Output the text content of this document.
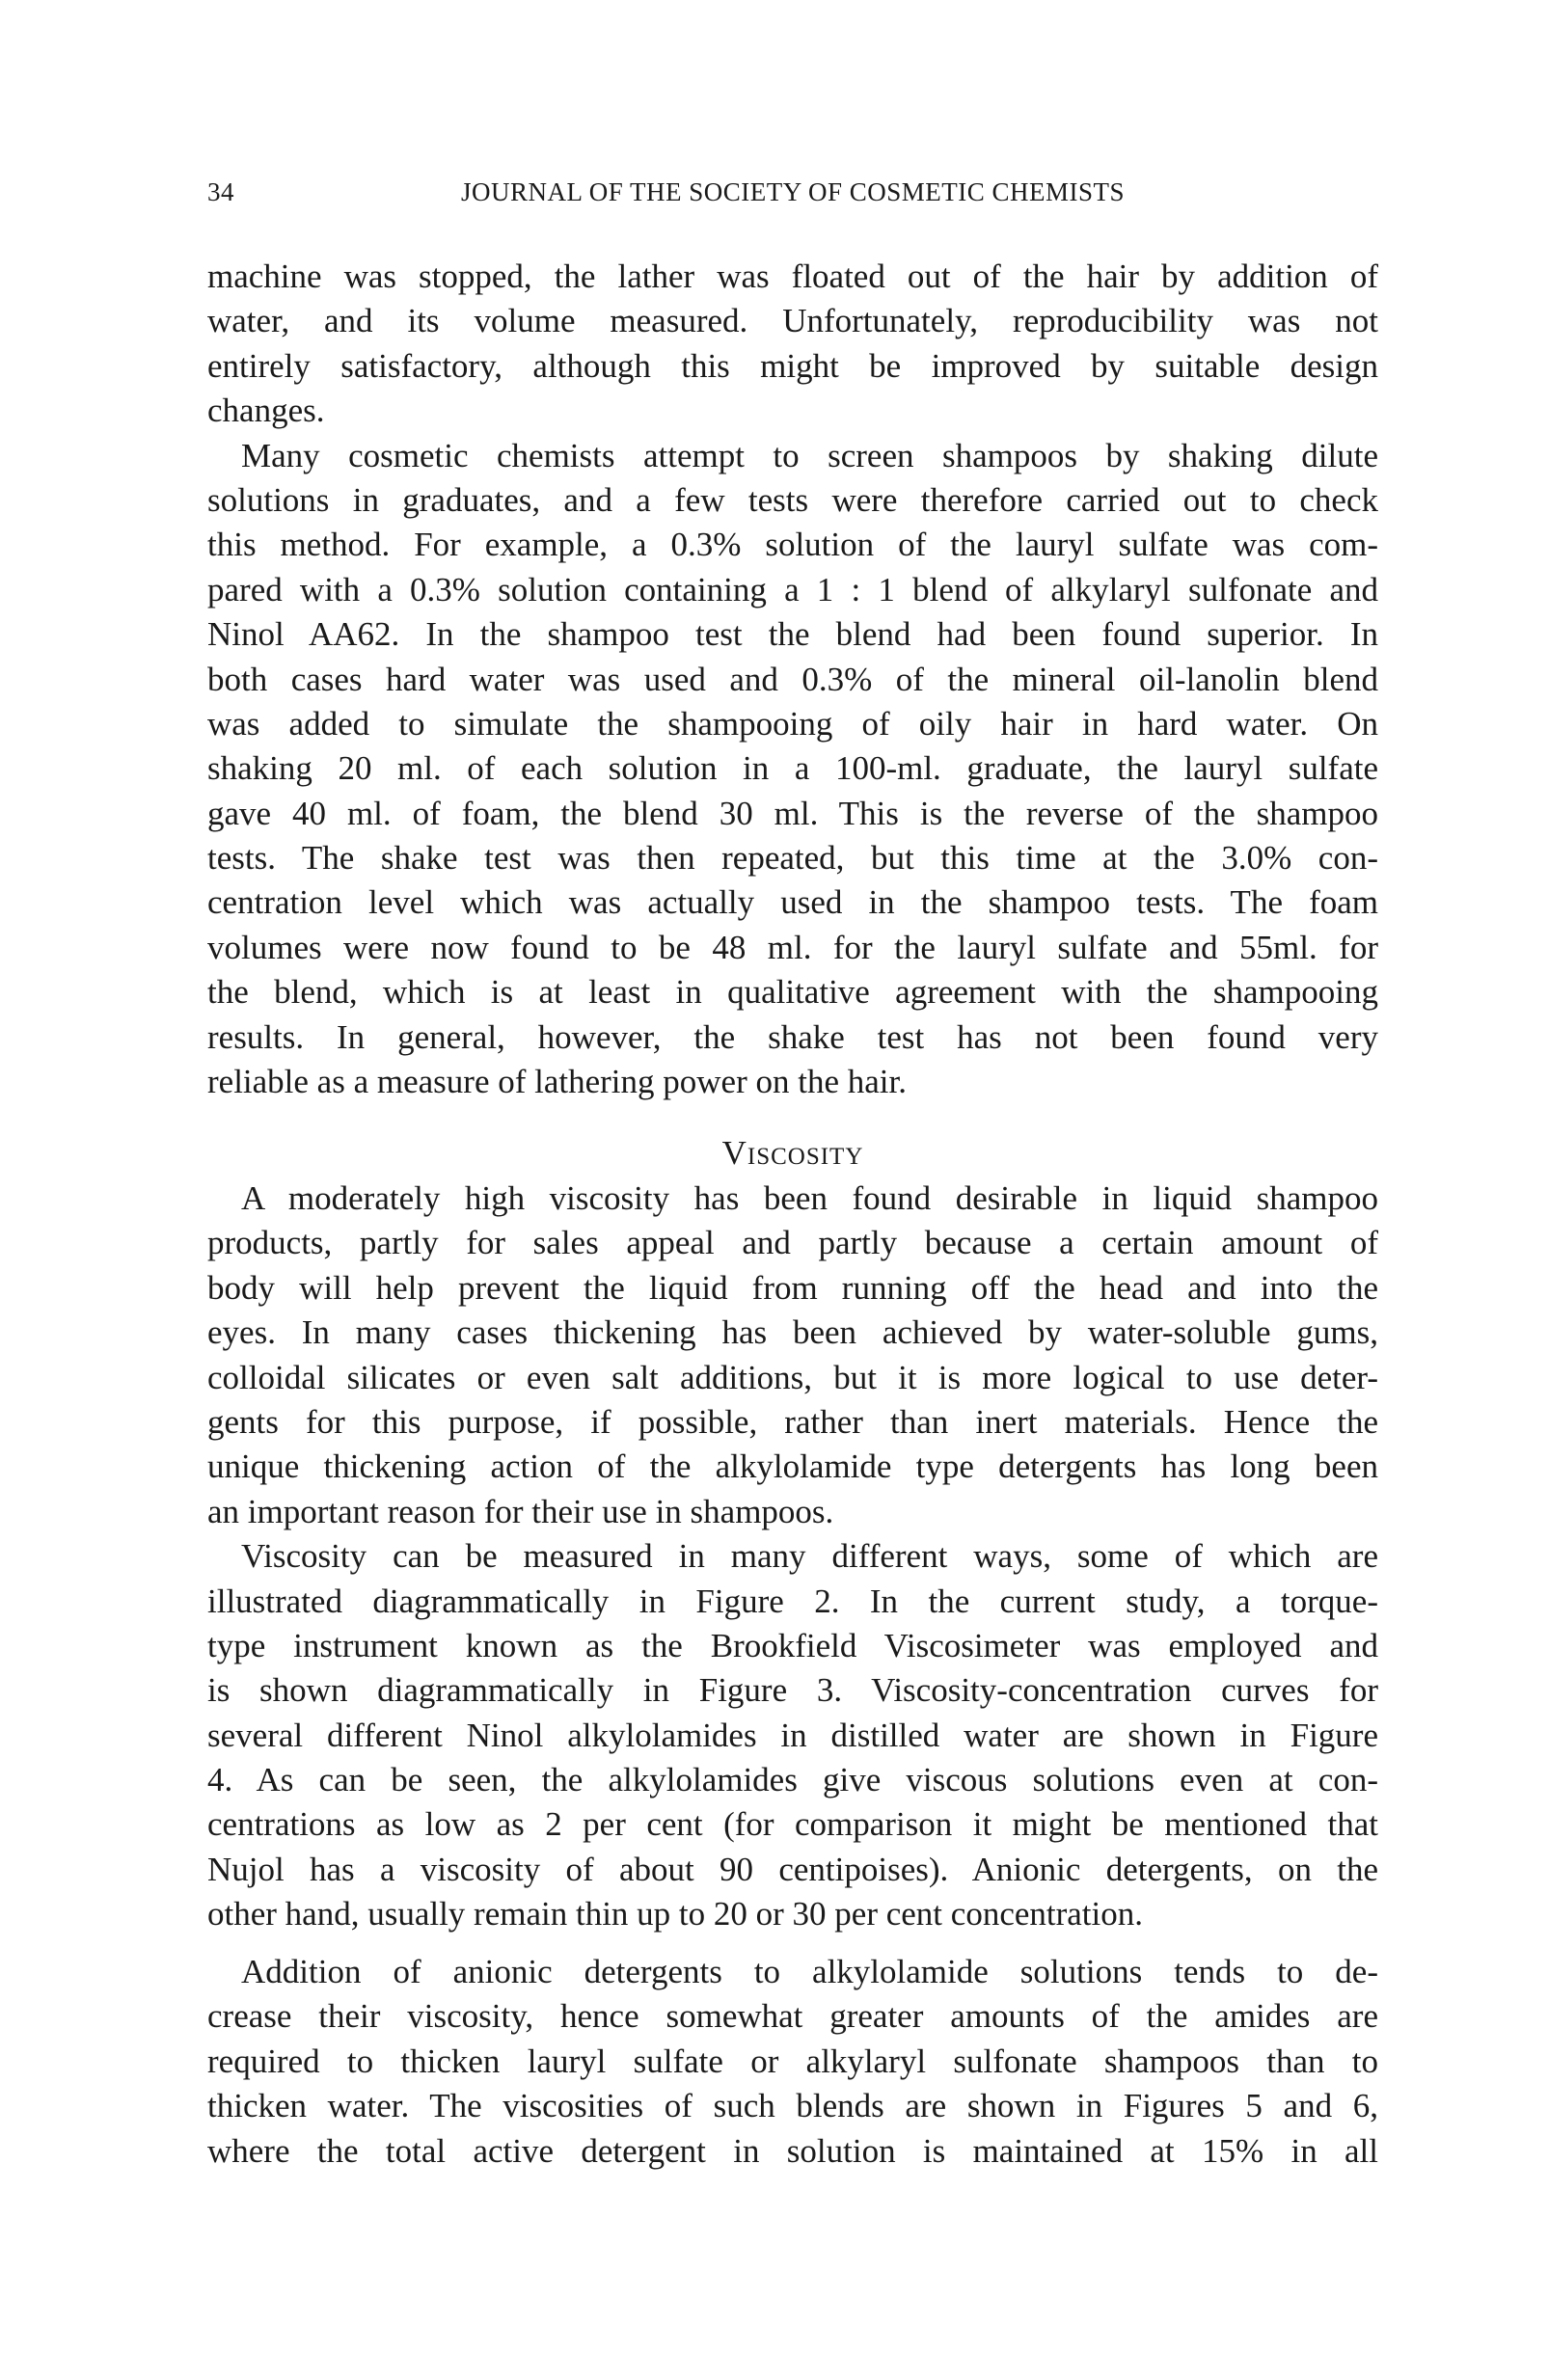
34	JOURNAL OF THE SOCIETY OF COSMETIC CHEMISTS
machine was stopped, the lather was floated out of the hair by addition of
water, and its volume measured. Unfortunately, reproducibility was not
entirely satisfactory, although this might be improved by suitable design
changes.
Many cosmetic chemists attempt to screen shampoos by shaking dilute
solutions in graduates, and a few tests were therefore carried out to check
this method. For example, a 0.3% solution of the lauryl sulfate was com-
pared with a 0.3% solution containing a 1 : 1 blend of alkylaryl sulfonate and
Ninol AA62. In the shampoo test the blend had been found superior. In
both cases hard water was used and 0.3% of the mineral oil-lanolin blend
was added to simulate the shampooing of oily hair in hard water. On
shaking 20 ml. of each solution in a 100-ml. graduate, the lauryl sulfate
gave 40 ml. of foam, the blend 30 ml. This is the reverse of the shampoo
tests. The shake test was then repeated, but this time at the 3.0% con-
centration level which was actually used in the shampoo tests. The foam
volumes were now found to be 48 ml. for the lauryl sulfate and 55ml. for
the blend, which is at least in qualitative agreement with the shampooing
results. In general, however, the shake test has not been found very
reliable as a measure of lathering power on the hair.
Viscosity
A moderately high viscosity has been found desirable in liquid shampoo
products, partly for sales appeal and partly because a certain amount of
body will help prevent the liquid from running off the head and into the
eyes. In many cases thickening has been achieved by water-soluble gums,
colloidal silicates or even salt additions, but it is more logical to use deter-
gents for this purpose, if possible, rather than inert materials. Hence the
unique thickening action of the alkylolamide type detergents has long been
an important reason for their use in shampoos.
Viscosity can be measured in many different ways, some of which are
illustrated diagrammatically in Figure 2. In the current study, a torque-
type instrument known as the Brookfield Viscosimeter was employed and
is shown diagrammatically in Figure 3. Viscosity-concentration curves for
several different Ninol alkylolamides in distilled water are shown in Figure
4. As can be seen, the alkylolamides give viscous solutions even at con-
centrations as low as 2 per cent (for comparison it might be mentioned that
Nujol has a viscosity of about 90 centipoises). Anionic detergents, on the
other hand, usually remain thin up to 20 or 30 per cent concentration.
Addition of anionic detergents to alkylolamide solutions tends to de-
crease their viscosity, hence somewhat greater amounts of the amides are
required to thicken lauryl sulfate or alkylaryl sulfonate shampoos than to
thicken water. The viscosities of such blends are shown in Figures 5 and 6,
where the total active detergent in solution is maintained at 15% in all
